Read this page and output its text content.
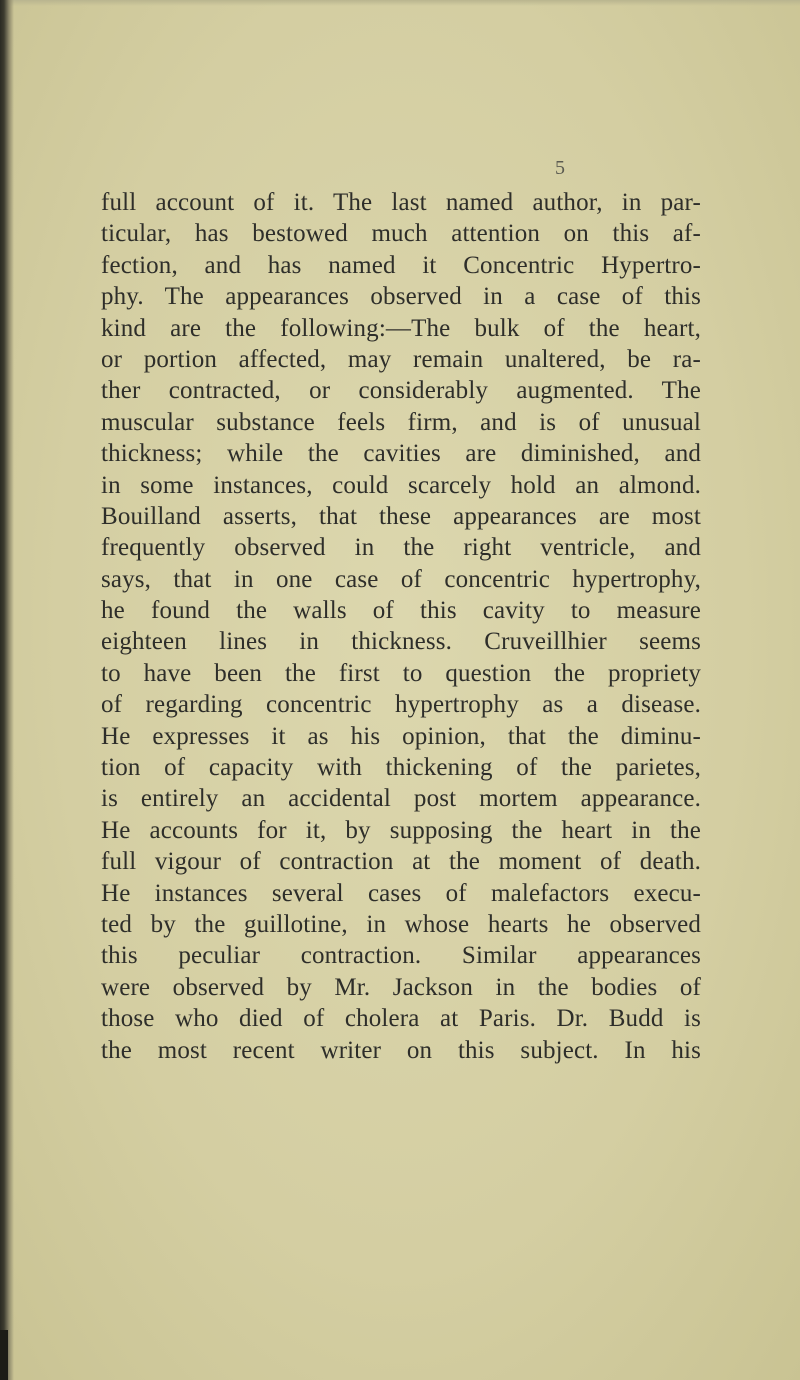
5
full account of it. The last named author, in par-
ticular, has bestowed much attention on this af-
fection, and has named it Concentric Hypertro-
phy. The appearances observed in a case of this
kind are the following:—The bulk of the heart,
or portion affected, may remain unaltered, be ra-
ther contracted, or considerably augmented. The
muscular substance feels firm, and is of unusual
thickness; while the cavities are diminished, and
in some instances, could scarcely hold an almond.
Bouilland asserts, that these appearances are most
frequently observed in the right ventricle, and
says, that in one case of concentric hypertrophy,
he found the walls of this cavity to measure
eighteen lines in thickness. Cruveillhier seems
to have been the first to question the propriety
of regarding concentric hypertrophy as a disease.
He expresses it as his opinion, that the diminu-
tion of capacity with thickening of the parietes,
is entirely an accidental post mortem appearance.
He accounts for it, by supposing the heart in the
full vigour of contraction at the moment of death.
He instances several cases of malefactors execu-
ted by the guillotine, in whose hearts he observed
this peculiar contraction. Similar appearances
were observed by Mr. Jackson in the bodies of
those who died of cholera at Paris. Dr. Budd is
the most recent writer on this subject. In his
